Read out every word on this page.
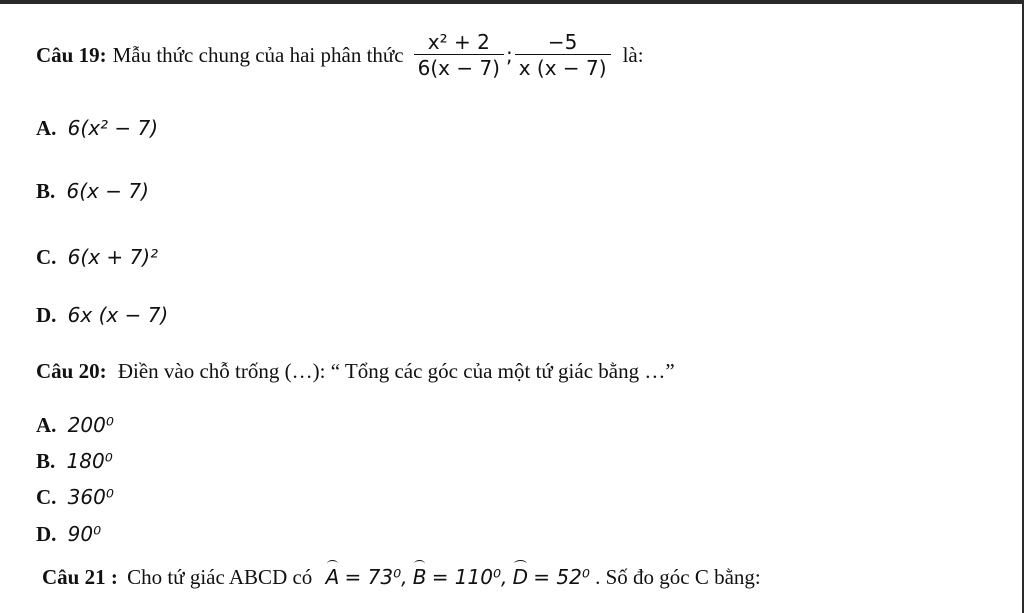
Câu 19: Mẫu thức chung của hai phân thức $\frac{\text{x² + 2}}{6(x - 7)}$ ; $\frac{-5}{x (x - 7)}$ là:
A. 6(x² − 7)
B. 6(x − 7)
C. 6(x + 7)²
D. 6x (x − 7)
Câu 20: Điền vào chỗ trống (…): “ Tổng các góc của một tứ giác bằng …”
A. 200⁰
B. 180⁰
C. 360⁰
D. 90⁰
Câu 21 : Cho tứ giác ABCD có A = 73⁰, B = 110⁰, D = 52⁰ . Số đo góc C bằng:
